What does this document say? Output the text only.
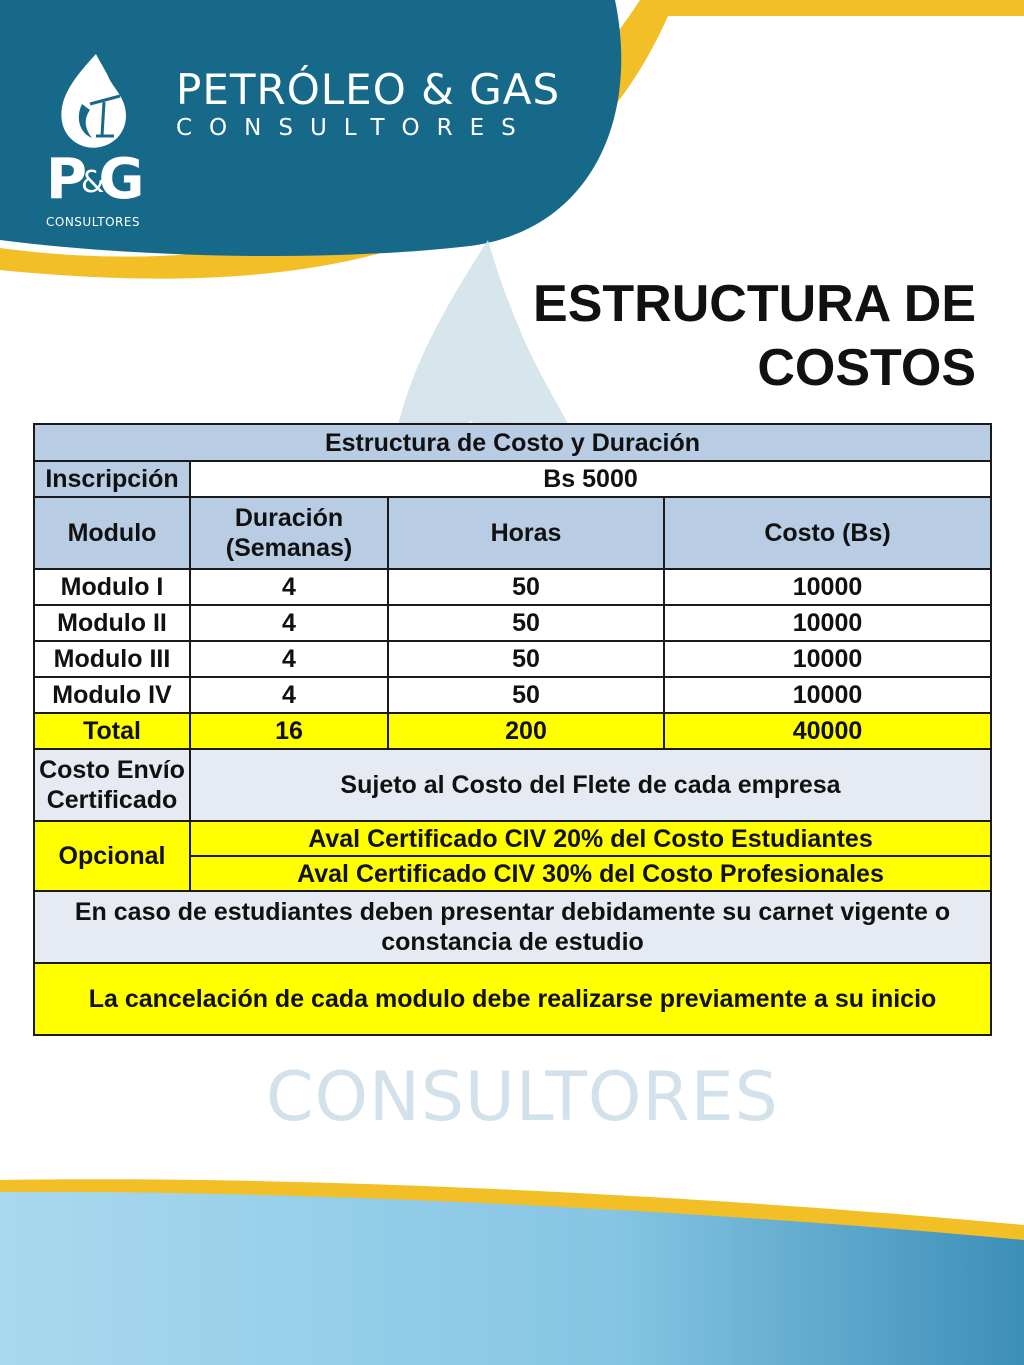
PETRÓLEO & GAS
CONSULTORES
P&G
CONSULTORES
ESTRUCTURA DE COSTOS
CONSULTORES
Estructura de Costo y Duración			
Inscripción	Bs 5000		
Modulo	Duración (Semanas)	Horas	Costo (Bs)
Modulo I	4	50	10000
Modulo II	4	50	10000
Modulo III	4	50	10000
Modulo IV	4	50	10000
Total	16	200	40000
Costo Envío Certificado	Sujeto al Costo del Flete de cada empresa		
Opcional	Aval Certificado CIV 20% del Costo Estudiantes		
	Aval Certificado CIV 30% del Costo Profesionales		
En caso de estudiantes deben presentar debidamente su carnet vigente o constancia de estudio			
La cancelación de cada modulo debe realizarse previamente a su inicio			
